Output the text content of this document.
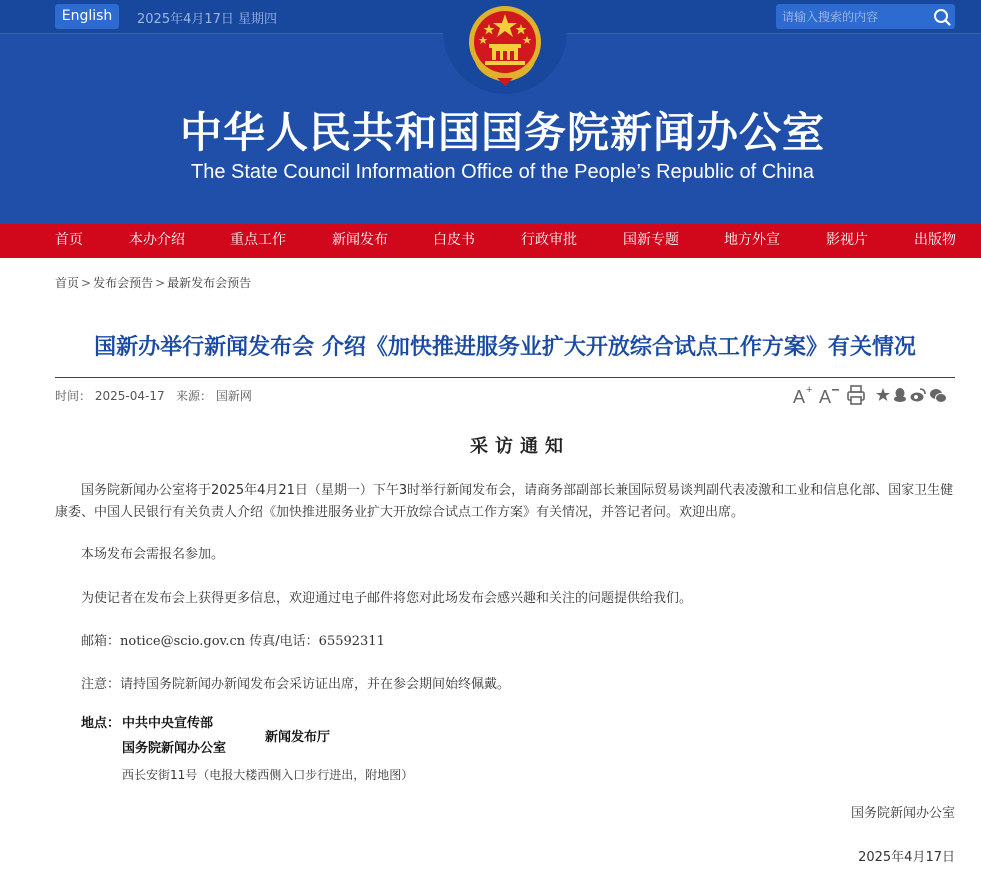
English	2025年4月17日 星期四
请输入搜索的内容
中华人民共和国国务院新闻办公室
The State Council Information Office of the People’s Republic of China
首页	本办介绍	重点工作	新闻发布	白皮书	行政审批	国新专题	地方外宣	影视片	出版物
首页 > 发布会预告 > 最新发布会预告
国新办举行新闻发布会 介绍《加快推进服务业扩大开放综合试点工作方案》有关情况
时间： 2025-04-17 来源： 国新网	A + A
采访通知
国务院新闻办公室将于2025年4月21日（星期一）下午3时举行新闻发布会，请商务部副部长兼国际贸易谈判副代表凌激和工业和信息化部、国家卫生健康委、中国人民银行有关负责人介绍《加快推进服务业扩大开放综合试点工作方案》有关情况，并答记者问。欢迎出席。
本场发布会需报名参加。
为使记者在发布会上获得更多信息，欢迎通过电子邮件将您对此场发布会感兴趣和关注的问题提供给我们。
邮箱：notice@scio.gov.cn 传真/电话：65592311
注意：请持国务院新闻办新闻发布会采访证出席，并在参会期间始终佩戴。
地点： 中共中央宣传部
国务院新闻办公室
新闻发布厅
西长安街11号（电报大楼西侧入口步行进出，附地图）
国务院新闻办公室
2025年4月17日
